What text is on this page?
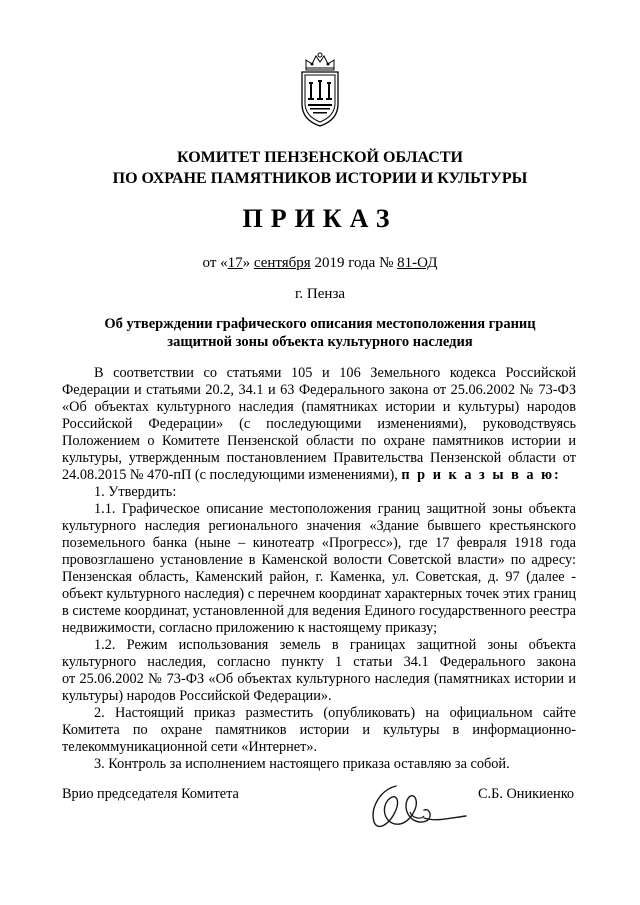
КОМИТЕТ ПЕНЗЕНСКОЙ ОБЛАСТИ
ПО ОХРАНЕ ПАМЯТНИКОВ ИСТОРИИ И КУЛЬТУРЫ
ПРИКАЗ
от «17» сентября 2019 года № 81-ОД
г. Пенза
Об утверждении графического описания местоположения границ
защитной зоны объекта культурного наследия
В соответствии со статьями 105 и 106 Земельного кодекса Российской
Федерации и статьями 20.2, 34.1 и 63 Федерального закона от 25.06.2002 № 73-ФЗ
«Об объектах культурного наследия (памятниках истории и культуры) народов
Российской Федерации» (с последующими изменениями), руководствуясь
Положением о Комитете Пензенской области по охране памятников истории и
культуры, утвержденным постановлением Правительства Пензенской области от
24.08.2015 № 470-пП (с последующими изменениями), п р и к а з ы в а ю:
1. Утвердить:
1.1. Графическое описание местоположения границ защитной зоны объекта
культурного наследия регионального значения «Здание бывшего крестьянского
поземельного банка (ныне – кинотеатр «Прогресс»), где 17 февраля 1918 года
провозглашено установление в Каменской волости Советской власти» по адресу:
Пензенская область, Каменский район, г. Каменка, ул. Советская, д. 97 (далее -
объект культурного наследия) с перечнем координат характерных точек этих границ
в системе координат, установленной для ведения Единого государственного реестра
недвижимости, согласно приложению к настоящему приказу;
1.2. Режим использования земель в границах защитной зоны объекта
культурного наследия, согласно пункту 1 статьи 34.1 Федерального закона
от 25.06.2002 № 73-ФЗ «Об объектах культурного наследия (памятниках истории и
культуры) народов Российской Федерации».
2. Настоящий приказ разместить (опубликовать) на официальном сайте
Комитета по охране памятников истории и культуры в информационно-
телекоммуникационной сети «Интернет».
3. Контроль за исполнением настоящего приказа оставляю за собой.
Врио председателя Комитета	С.Б. Оникиенко
